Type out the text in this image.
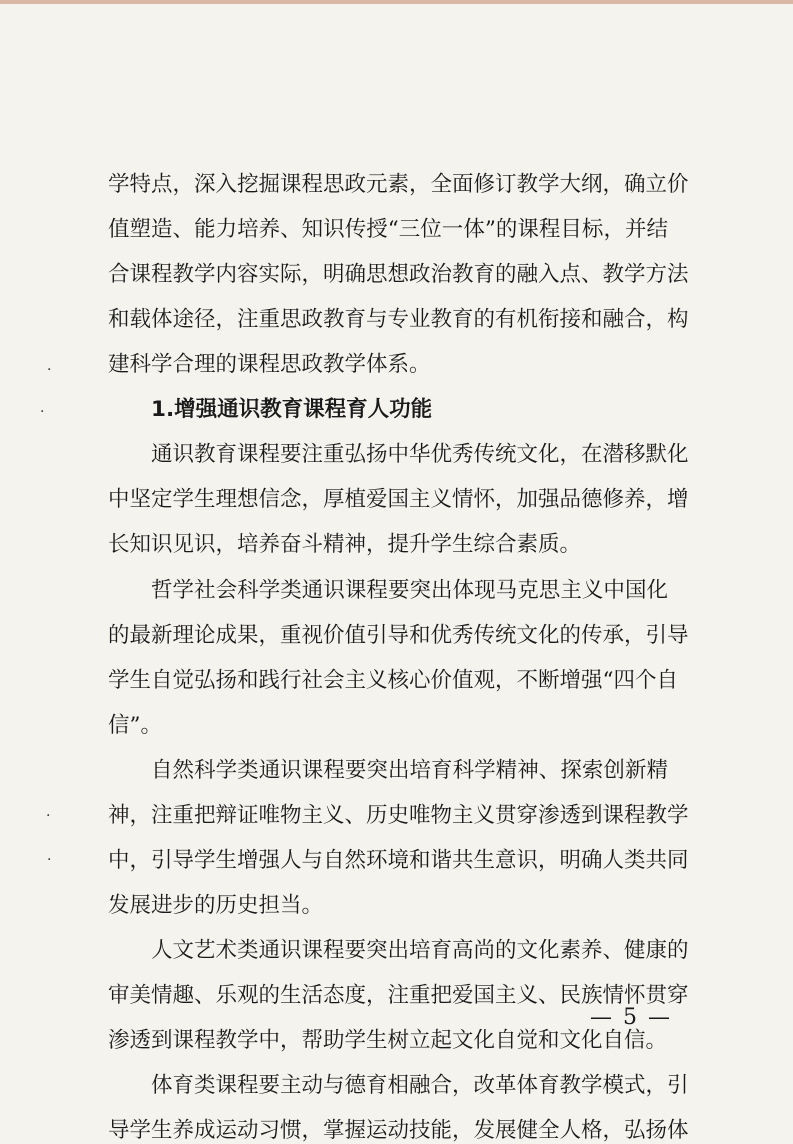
·
·
·
·
学特点，深入挖掘课程思政元素，全面修订教学大纲，确立价
值塑造、能力培养、知识传授“三位一体”的课程目标，并结
合课程教学内容实际，明确思想政治教育的融入点、教学方法
和载体途径，注重思政教育与专业教育的有机衔接和融合，构
建科学合理的课程思政教学体系。
1.增强通识教育课程育人功能
通识教育课程要注重弘扬中华优秀传统文化，在潜移默化
中坚定学生理想信念，厚植爱国主义情怀，加强品德修养，增
长知识见识，培养奋斗精神，提升学生综合素质。
哲学社会科学类通识课程要突出体现马克思主义中国化
的最新理论成果，重视价值引导和优秀传统文化的传承，引导
学生自觉弘扬和践行社会主义核心价值观，不断增强“四个自
信”。
自然科学类通识课程要突出培育科学精神、探索创新精
神，注重把辩证唯物主义、历史唯物主义贯穿渗透到课程教学
中，引导学生增强人与自然环境和谐共生意识，明确人类共同
发展进步的历史担当。
人文艺术类通识课程要突出培育高尚的文化素养、健康的
审美情趣、乐观的生活态度，注重把爱国主义、民族情怀贯穿
渗透到课程教学中，帮助学生树立起文化自觉和文化自信。
体育类课程要主动与德育相融合，改革体育教学模式，引
导学生养成运动习惯，掌握运动技能，发展健全人格，弘扬体
— 5 —
